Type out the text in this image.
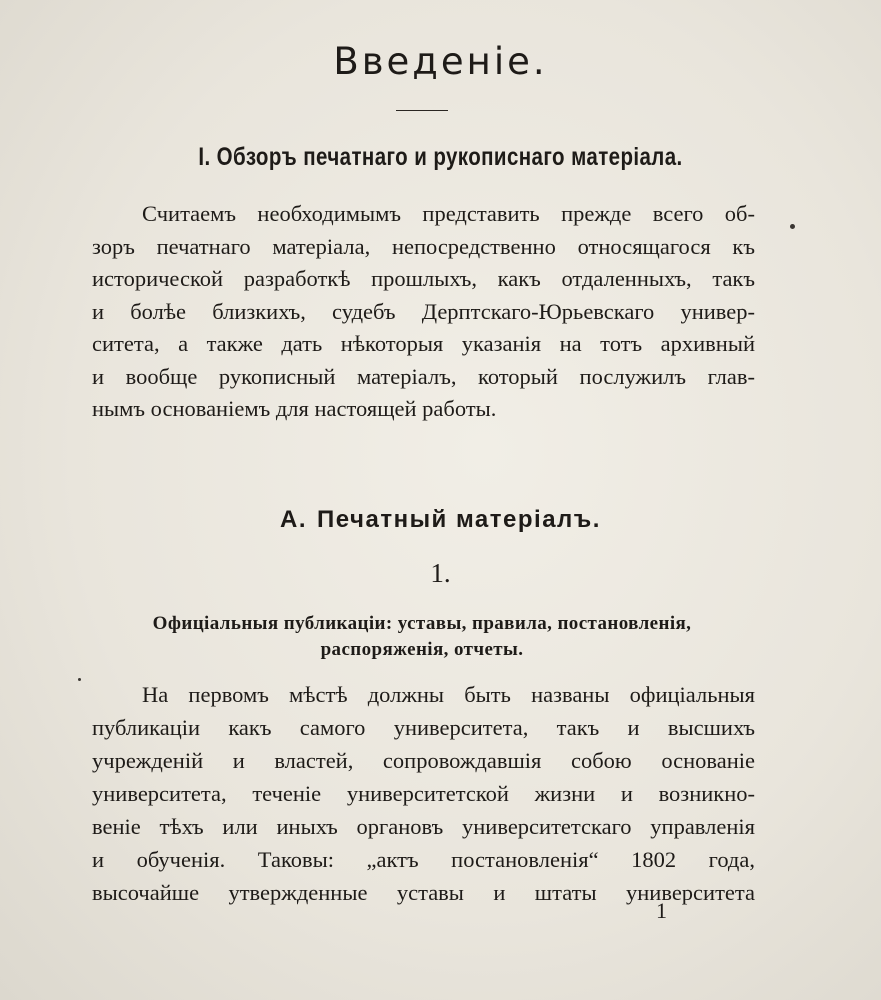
Введеніе.
I. Обзоръ печатнаго и рукописнаго матеріала.
Считаемъ необходимымъ представить прежде всего об-
зоръ печатнаго матеріала, непосредственно относящагося къ
исторической разработкѣ прошлыхъ, какъ отдаленныхъ, такъ
и болѣе близкихъ, судебъ Дерптскаго-Юрьевскаго универ-
ситета, а также дать нѣкоторыя указанія на тотъ архивный
и вообще рукописный матеріалъ, который послужилъ глав-
нымъ основаніемъ для настоящей работы.
A. Печатный матеріалъ.
1.
Офиціальныя публикаціи: уставы, правила, постановленія,
распоряженія, отчеты.
На первомъ мѣстѣ должны быть названы офиціальныя
публикаціи какъ самого университета, такъ и высшихъ
учрежденій и властей, сопровождавшія собою основаніе
университета, теченіе университетской жизни и возникно-
веніе тѣхъ или иныхъ органовъ университетскаго управленія
и обученія. Таковы: „актъ постановленія“ 1802 года,
высочайше утвержденные уставы и штаты университета
1
